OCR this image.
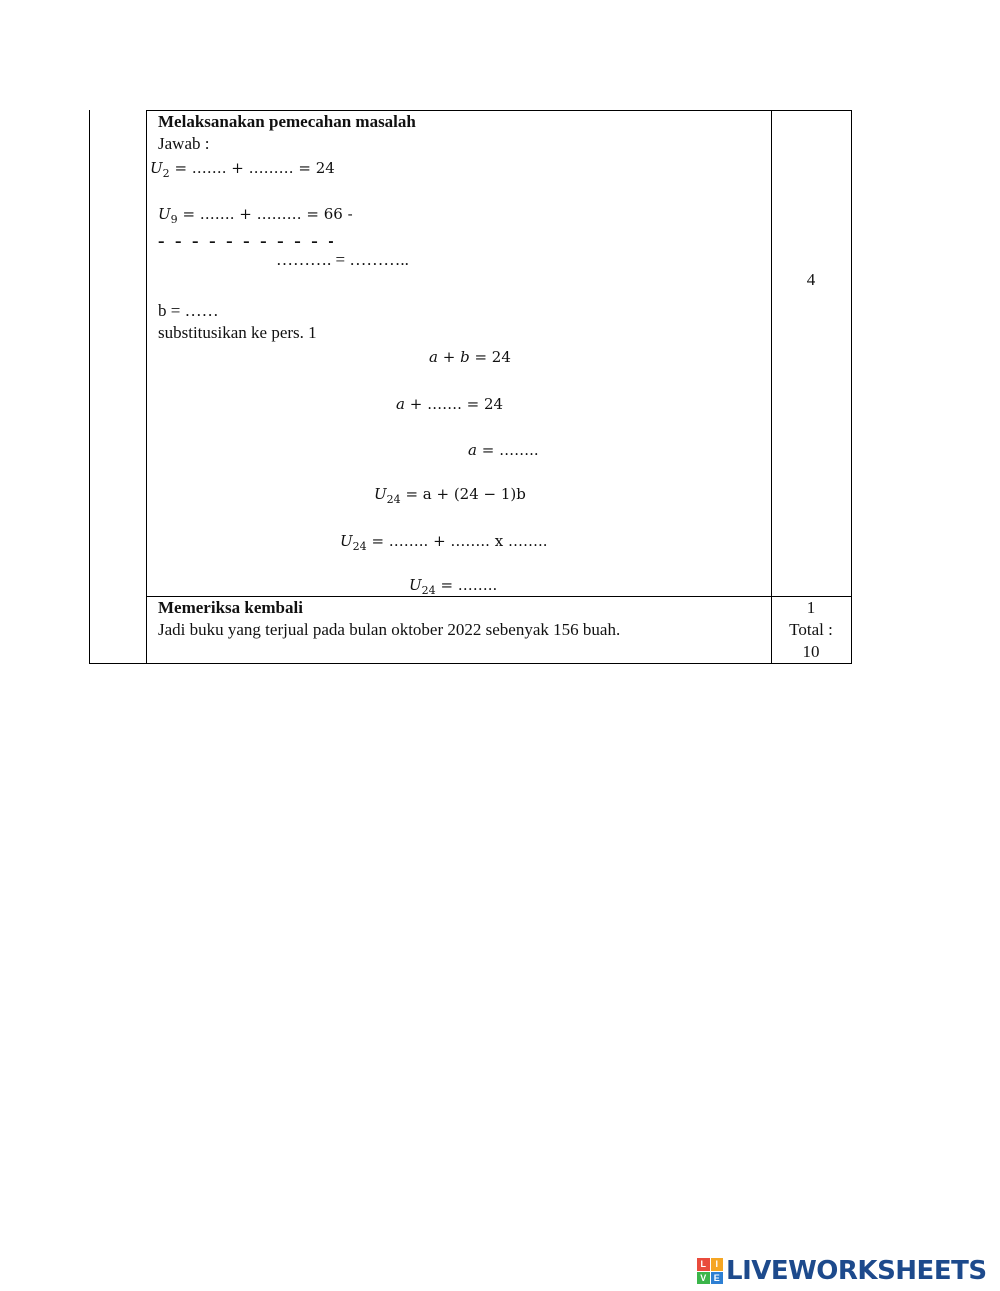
Melaksanakan pemecahan masalah
Jawab :
$U_2$ = ……. + ……… = 24
$U_9$ = ……. + ……… = 66 -
– – – – – – – – – – -
………. = ………..
b = ……
substitusikan ke pers. 1
a + b = 24
a + ……. = 24
a = ……..
$U_{24} = a + (24 - 1)b$
$U_{24}$ = …….. + …….. x ……..
$U_{24}$ = ……..
4
Memeriksa kembali
Jadi buku yang terjual pada bulan oktober 2022 sebenyak 156 buah.
1
Total :
10
L	I
V E LIVEWORKSHEETS
